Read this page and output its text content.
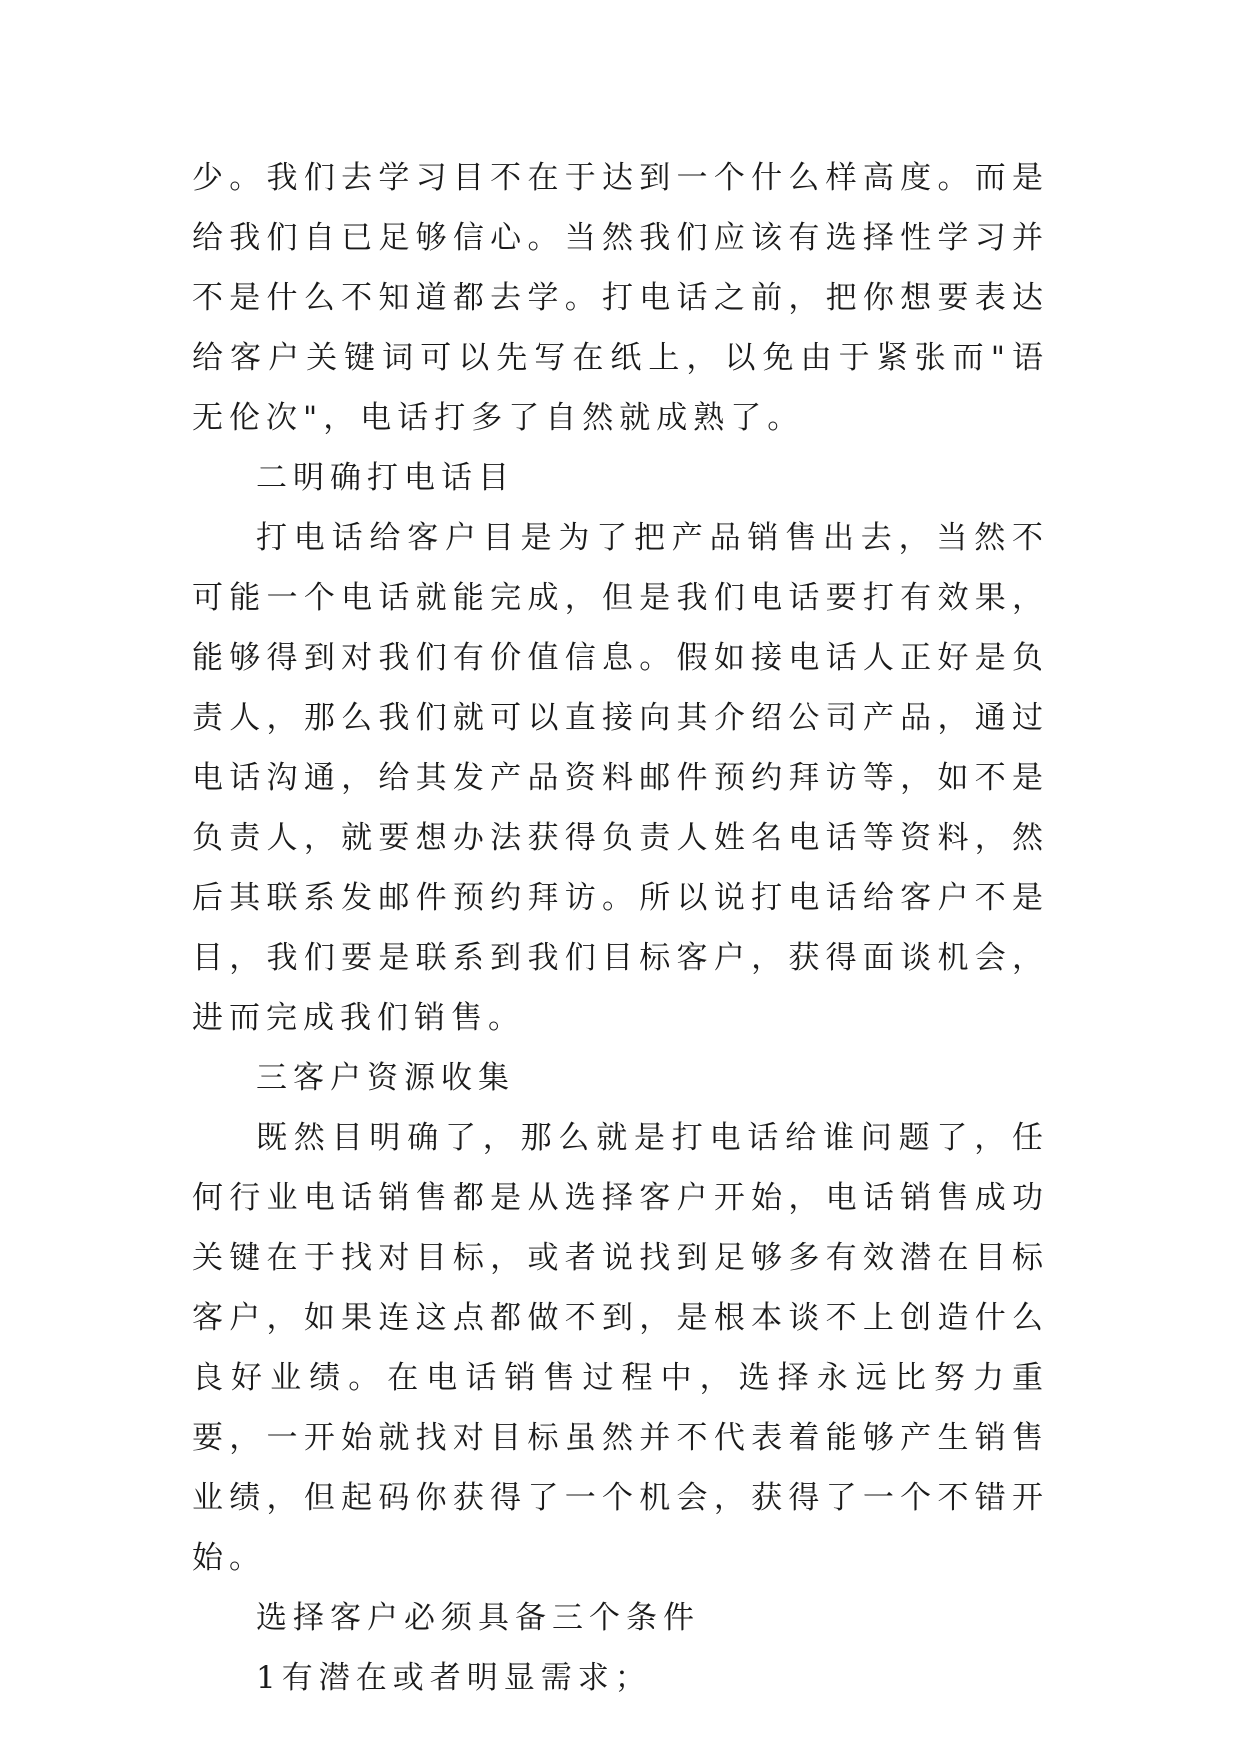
少。我们去学习目不在于达到一个什么样高度。而是给我们自已足够信心。当然我们应该有选择性学习并不是什么不知道都去学。打电话之前，把你想要表达给客户关键词可以先写在纸上，以免由于紧张而"语无伦次"，电话打多了自然就成熟了。

二明确打电话目

打电话给客户目是为了把产品销售出去，当然不可能一个电话就能完成，但是我们电话要打有效果，能够得到对我们有价值信息。假如接电话人正好是负责人，那么我们就可以直接向其介绍公司产品，通过电话沟通，给其发产品资料邮件预约拜访等，如不是负责人，就要想办法获得负责人姓名电话等资料，然后其联系发邮件预约拜访。所以说打电话给客户不是目，我们要是联系到我们目标客户，获得面谈机会，进而完成我们销售。

三客户资源收集

既然目明确了，那么就是打电话给谁问题了，任何行业电话销售都是从选择客户开始，电话销售成功关键在于找对目标，或者说找到足够多有效潜在目标客户，如果连这点都做不到，是根本谈不上创造什么良好业绩。在电话销售过程中，选择永远比努力重要，一开始就找对目标虽然并不代表着能够产生销售业绩，但起码你获得了一个机会，获得了一个不错开始。

选择客户必须具备三个条件

1有潜在或者明显需求；
